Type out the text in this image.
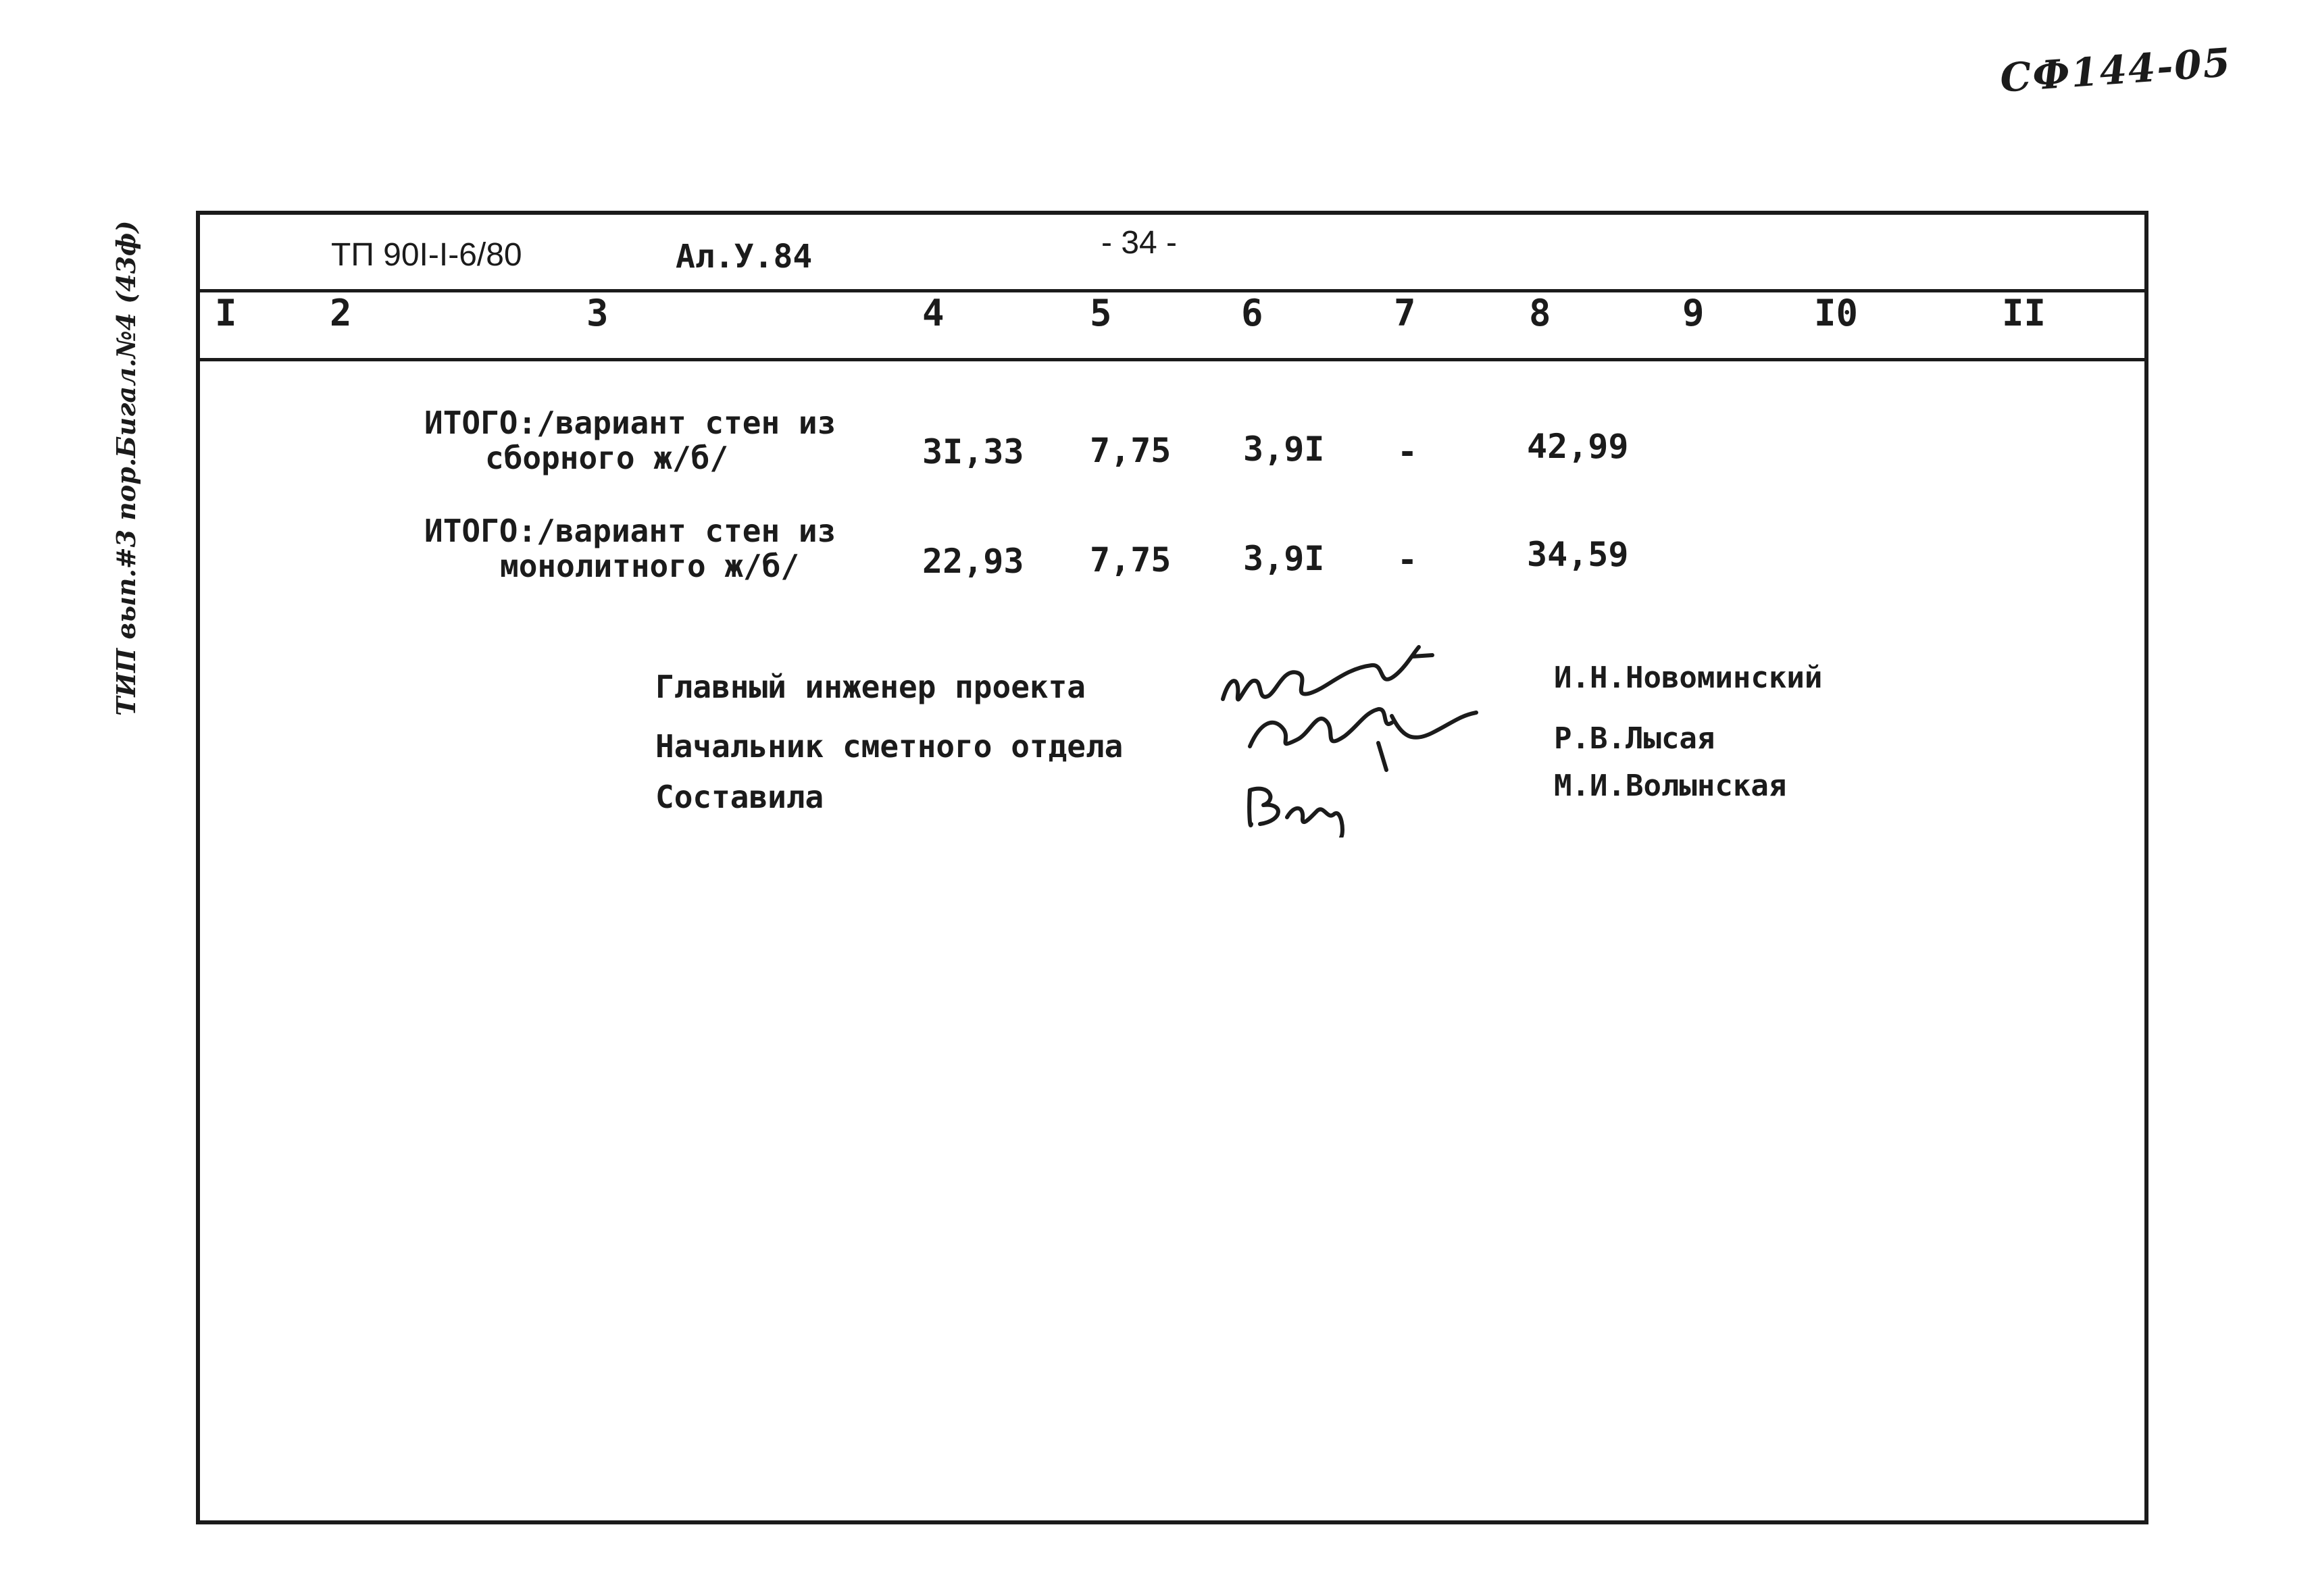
СФ144-05
ТИП вып.#3 пор.Бигал.№4 (43ф)	ТП 90I-I-6/80	Ал.У.84	- 34 -
I	2	3	4	5	6	7	8	9	I0	II
ИТОГО:/вариант стен из
сборного ж/б/	3I,33 7,75 3,9I -	42,99
ИТОГО:/вариант стен из
монолитного ж/б/	22,93 7,75 3,9I -	34,59
Главный инженер проекта
Начальник сметного отдела
Составила
И.Н.Новоминский
Р.В.Лысая
М.И.Волынская
